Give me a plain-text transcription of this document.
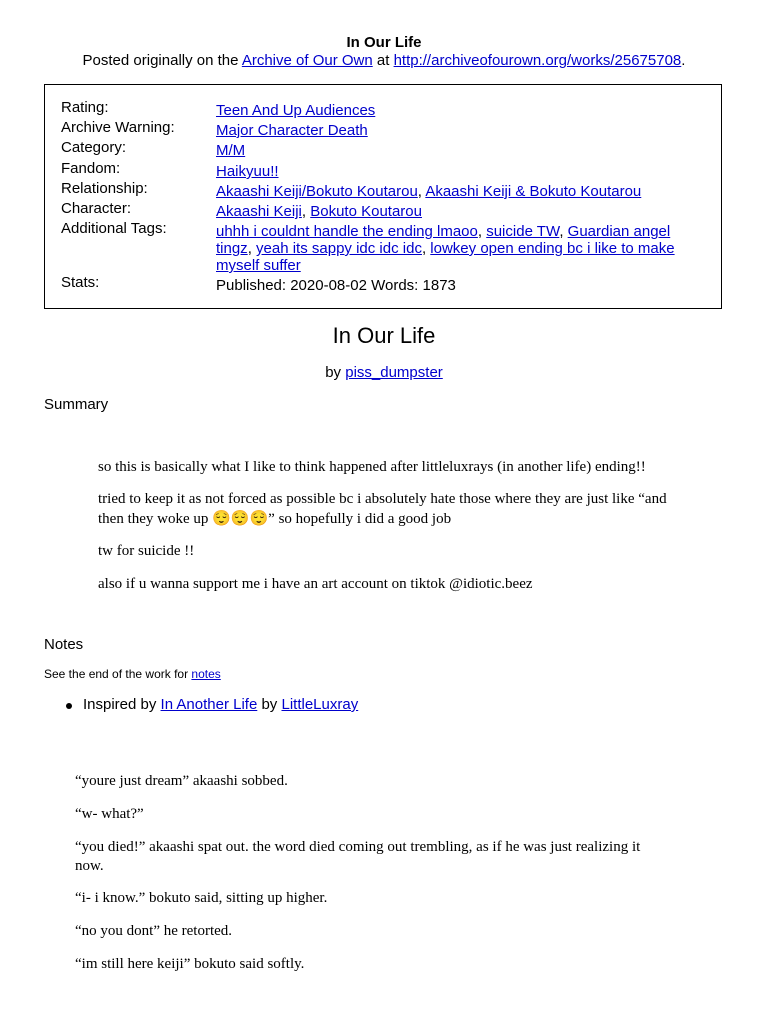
In Our Life
Posted originally on the Archive of Our Own at http://archiveofourown.org/works/25675708.
Rating:	Teen And Up Audiences
Archive Warning:	Major Character Death
Category:	M/M
Fandom:	Haikyuu!!
Relationship:	Akaashi Keiji/Bokuto Koutarou, Akaashi Keiji & Bokuto Koutarou
Character:	Akaashi Keiji, Bokuto Koutarou
Additional Tags:	uhhh i couldnt handle the ending lmaoo, suicide TW, Guardian angel tingz, yeah its sappy idc idc idc, lowkey open ending bc i like to make myself suffer
Stats:	Published: 2020-08-02 Words: 1873
In Our Life
by piss_dumpster
Summary
so this is basically what I like to think happened after littleluxrays (in another life) ending!!
tried to keep it as not forced as possible bc i absolutely hate those where they are just like “and then they woke up 😌😌😌” so hopefully i did a good job
tw for suicide !!
also if u wanna support me i have an art account on tiktok @idiotic.beez
Notes
See the end of the work for notes
Inspired by In Another Life by LittleLuxray
“youre just dream” akaashi sobbed.
“w- what?”
“you died!” akaashi spat out. the word died coming out trembling, as if he was just realizing it now.
“i- i know.” bokuto said, sitting up higher.
“no you dont” he retorted.
“im still here keiji” bokuto said softly.
